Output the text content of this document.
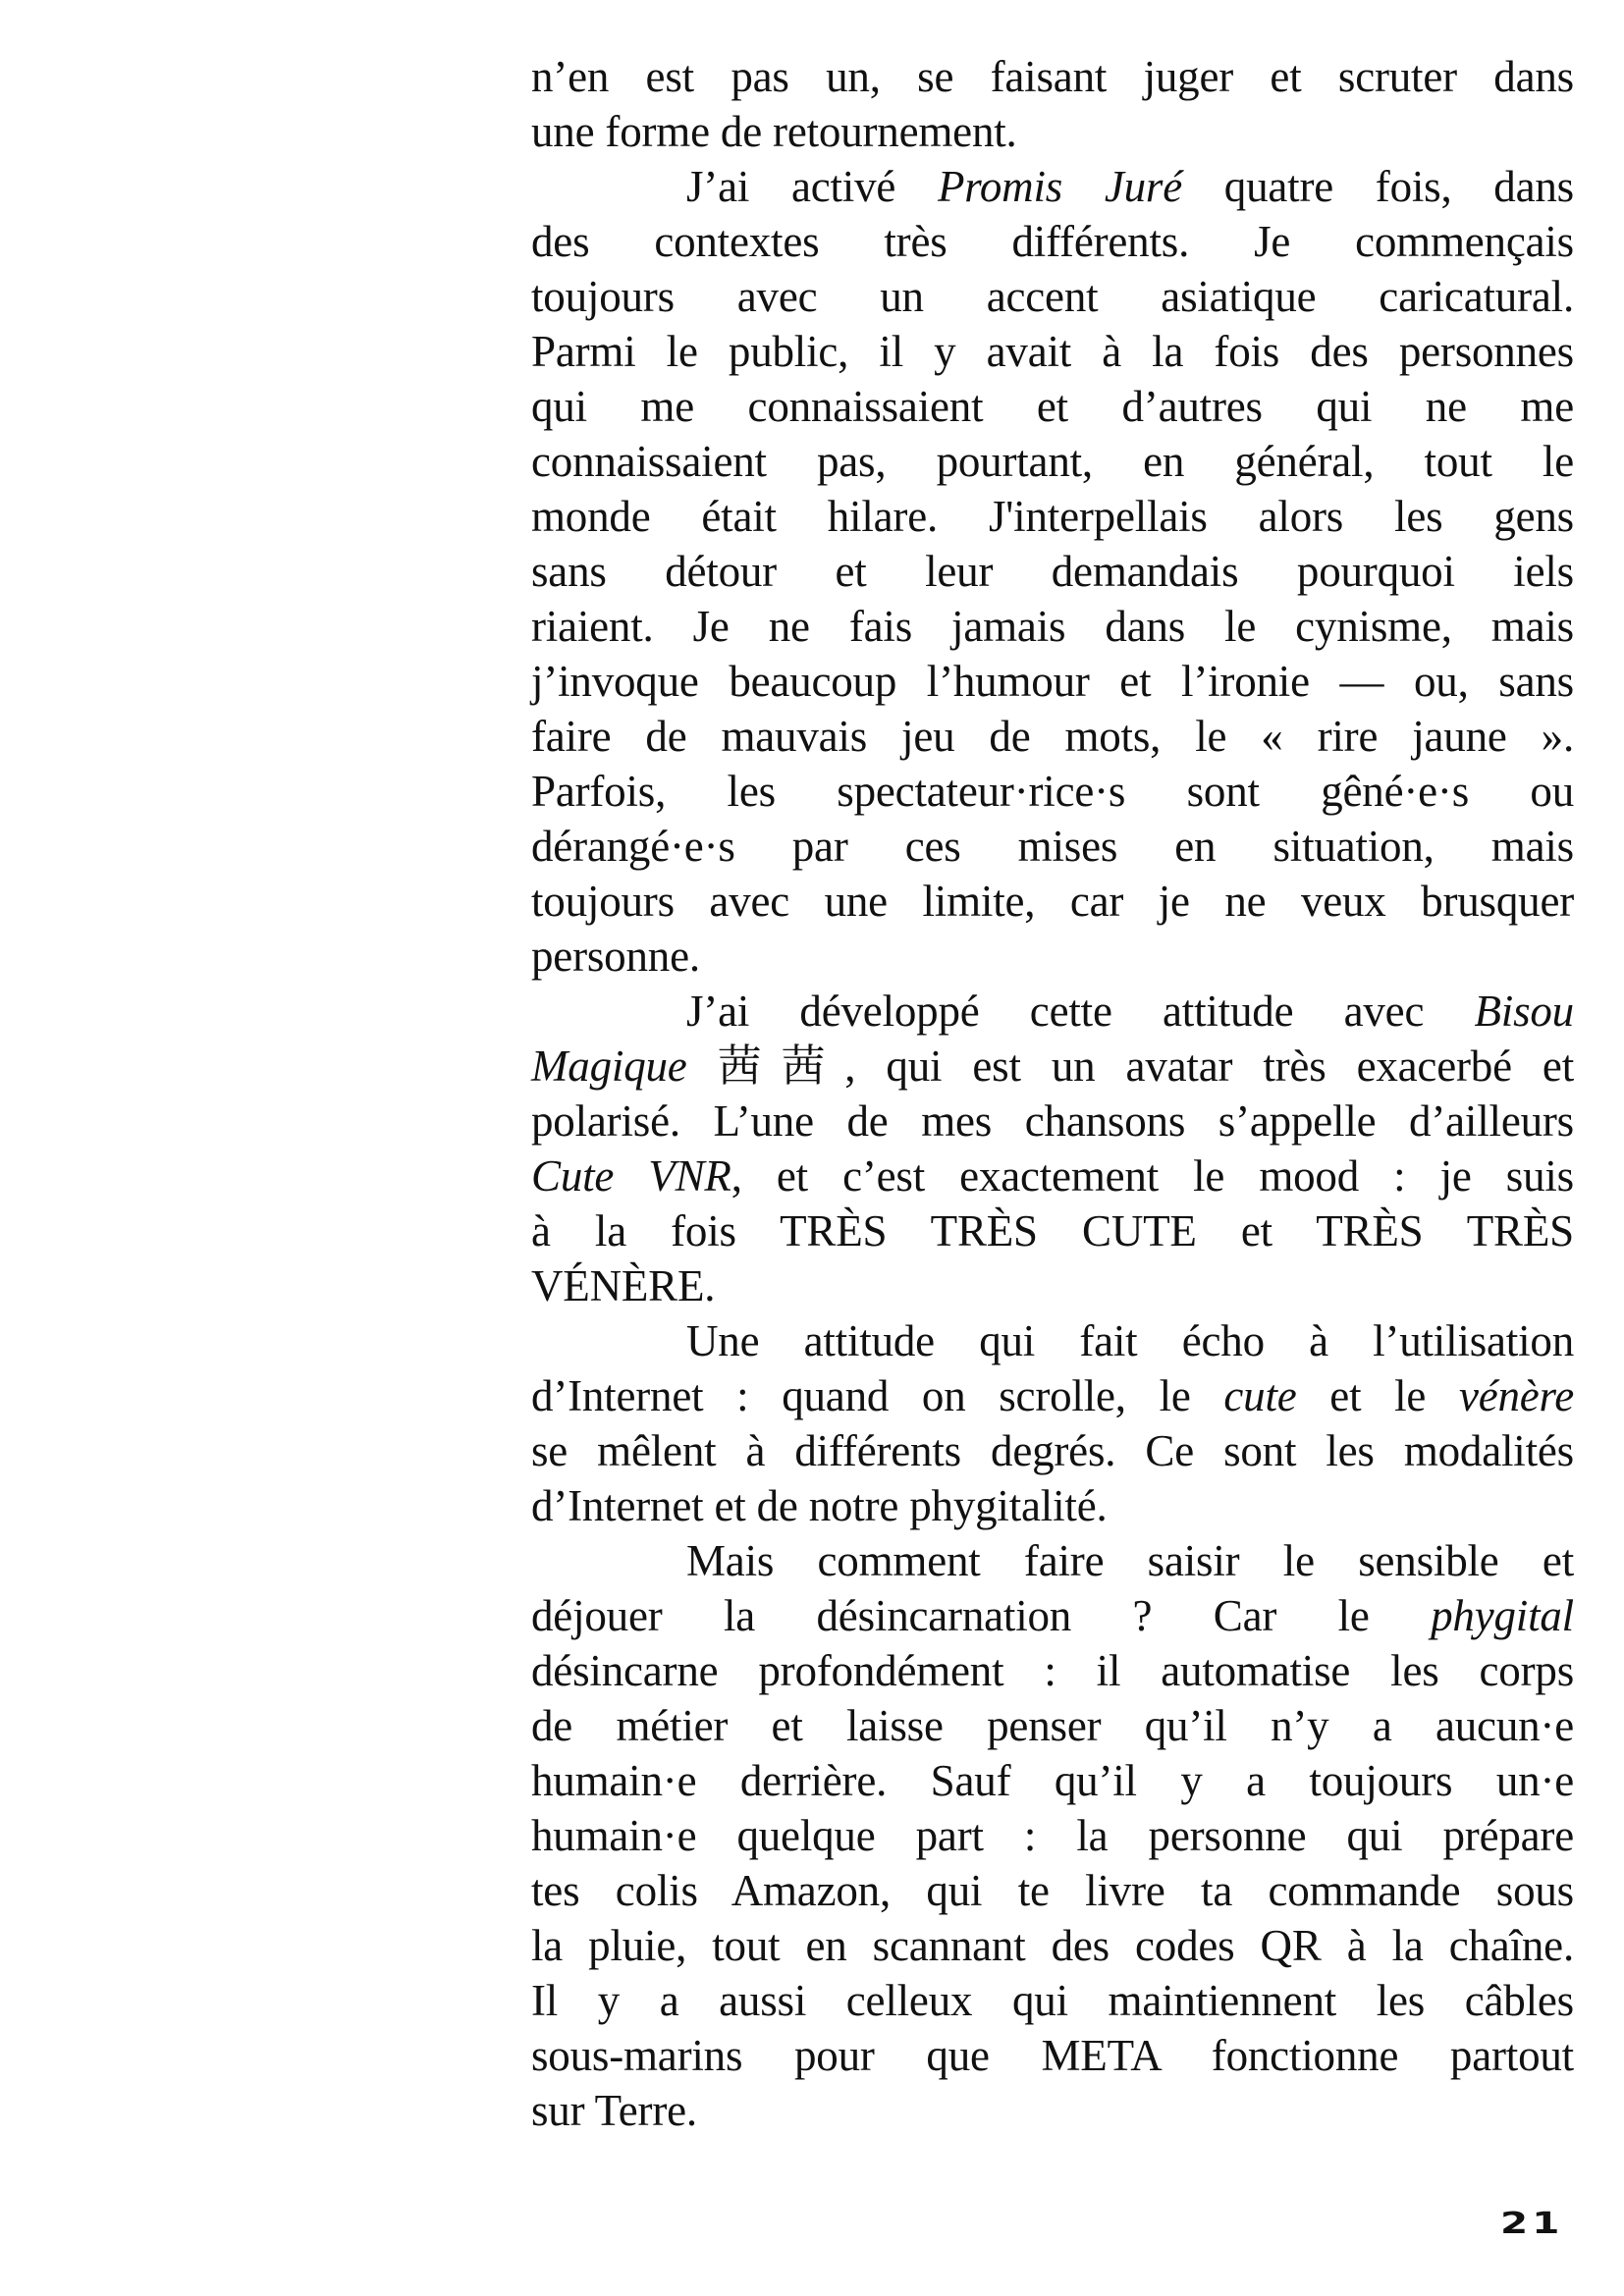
n’en est pas un, se faisant juger et scruter dans
une forme de retournement.
J’ai activé Promis Juré quatre fois, dans
des contextes très différents. Je commençais
toujours avec un accent asiatique caricatural.
Parmi le public, il y avait à la fois des personnes
qui me connaissaient et d’autres qui ne me
connaissaient pas, pourtant, en général, tout le
monde était hilare. J'interpellais alors les gens
sans détour et leur demandais pourquoi iels
riaient. Je ne fais jamais dans le cynisme, mais
j’invoque beaucoup l’humour et l’ironie — ou, sans
faire de mauvais jeu de mots, le « rire jaune ».
Parfois, les spectateur·rice·s sont gêné·e·s ou
dérangé·e·s par ces mises en situation, mais
toujours avec une limite, car je ne veux brusquer
personne.
J’ai développé cette attitude avec Bisou
Magique 茜茜, qui est un avatar très exacerbé et
polarisé. L’une de mes chansons s’appelle d’ailleurs
Cute VNR, et c’est exactement le mood : je suis
à la fois TRÈS TRÈS CUTE et TRÈS TRÈS
VÉNÈRE.
Une attitude qui fait écho à l’utilisation
d’Internet : quand on scrolle, le cute et le vénère
se mêlent à différents degrés. Ce sont les modalités
d’Internet et de notre phygitalité.
Mais comment faire saisir le sensible et
déjouer la désincarnation ? Car le phygital
désincarne profondément : il automatise les corps
de métier et laisse penser qu’il n’y a aucun·e
humain·e derrière. Sauf qu’il y a toujours un·e
humain·e quelque part : la personne qui prépare
tes colis Amazon, qui te livre ta commande sous
la pluie, tout en scannant des codes QR à la chaîne.
Il y a aussi celleux qui maintiennent les câbles
sous-marins pour que META fonctionne partout
sur Terre.
21
